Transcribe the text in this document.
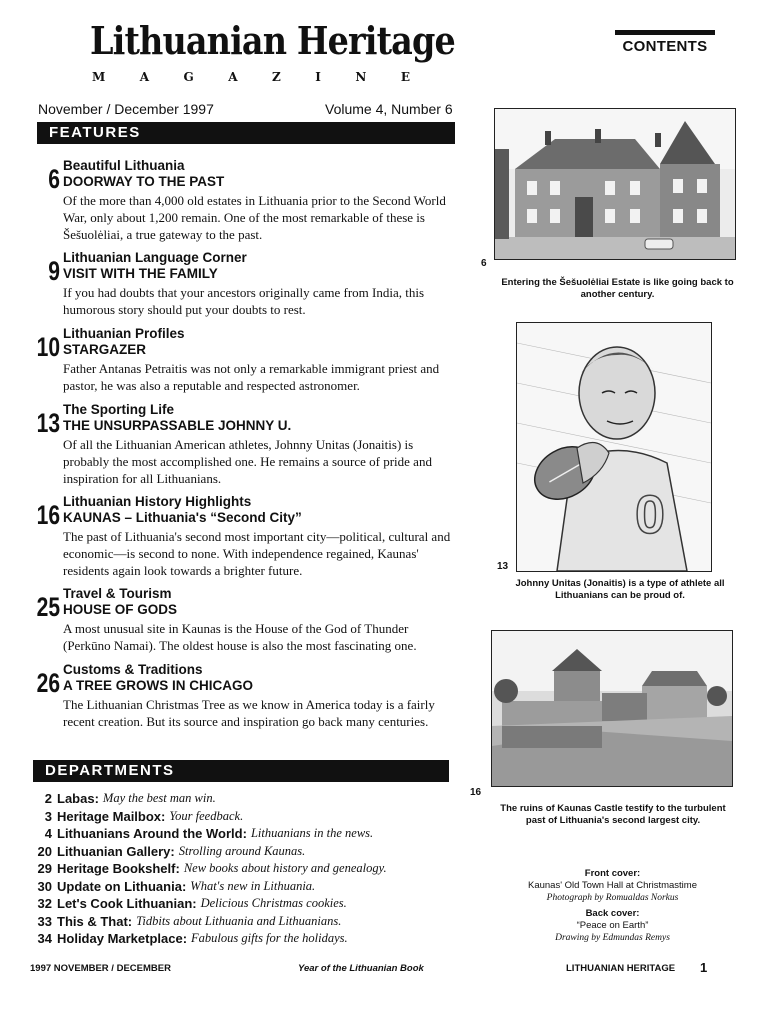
Lithuanian Heritage
M	A	G	A	Z	I	N	E
CONTENTS
November / December 1997	Volume 4, Number 6
FEATURES
6 Beautiful Lithuania
DOORWAY TO THE PAST
Of the more than 4,000 old estates in Lithuania prior to the Second World War, only about 1,200 remain. One of the most remarkable of these is Šešuolėliai, a true gateway to the past.
9 Lithuanian Language Corner
VISIT WITH THE FAMILY
If you had doubts that your ancestors originally came from India, this humorous story should put your doubts to rest.
10 Lithuanian Profiles
STARGAZER
Father Antanas Petraitis was not only a remarkable immigrant priest and pastor, he was also a reputable and respected astronomer.
13 The Sporting Life
THE UNSURPASSABLE JOHNNY U.
Of all the Lithuanian American athletes, Johnny Unitas (Jonaitis) is probably the most accomplished one. He remains a source of pride and inspiration for all Lithuanians.
16 Lithuanian History Highlights
KAUNAS – Lithuania's “Second City”
The past of Lithuania's second most important city—political, cultural and economic—is second to none. With independence regained, Kaunas' residents again look towards a brighter future.
25 Travel & Tourism
HOUSE OF GODS
A most unusual site in Kaunas is the House of the God of Thunder (Perkūno Namai). The oldest house is also the most fascinating one.
26 Customs & Traditions
A TREE GROWS IN CHICAGO
The Lithuanian Christmas Tree as we know in America today is a fairly recent creation. But its source and inspiration go back many centuries.
DEPARTMENTS
2 Labas: May the best man win.
3 Heritage Mailbox: Your feedback.
4 Lithuanians Around the World: Lithuanians in the news.
20 Lithuanian Gallery: Strolling around Kaunas.
29 Heritage Bookshelf: New books about history and genealogy.
30 Update on Lithuania: What's new in Lithuania.
32 Let's Cook Lithuanian: Delicious Christmas cookies.
33 This & That: Tidbits about Lithuania and Lithuanians.
34 Holiday Marketplace: Fabulous gifts for the holidays.
6
Entering the Šešuolėliai Estate is like going back to another century.
0
13
Johnny Unitas (Jonaitis) is a type of athlete all Lithuanians can be proud of.
16
The ruins of Kaunas Castle testify to the turbulent past of Lithuania's second largest city.
Front cover:
Kaunas' Old Town Hall at Christmastime
Photograph by Romualdas Norkus
Back cover:
“Peace on Earth”
Drawing by Edmundas Remys
1997 NOVEMBER / DECEMBER	Year of the Lithuanian Book	LITHUANIAN HERITAGE 1
